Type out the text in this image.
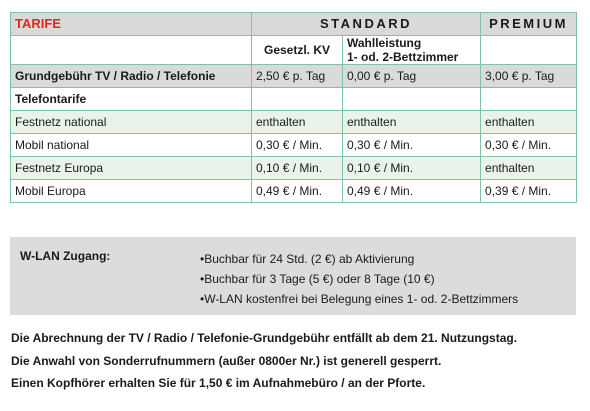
TARIFE	STANDARD		PREMIUM
	Gesetzl. KV	Wahlleistung
1- od. 2-Bettzimmer	

Grundgebühr TV / Radio / Telefonie	2,50 € p. Tag	0,00 € p. Tag	3,00 € p. Tag
Telefontarife			
Festnetz national	enthalten	enthalten	enthalten
Mobil national	0,30 € / Min.	0,30 € / Min.	0,30 € / Min.
Festnetz Europa	0,10 € / Min.	0,10 € / Min.	enthalten
Mobil Europa	0,49 € / Min.	0,49 € / Min.	0,39 € / Min.
W-LAN Zugang:	• Buchbar für 24 Std. (2 €) ab Aktivierung
• Buchbar für 3 Tage (5 €) oder 8 Tage (10 €)
• W-LAN kostenfrei bei Belegung eines 1- od. 2-Bettzimmers
Die Abrechnung der TV / Radio / Telefonie-Grundgebühr entfällt ab dem 21. Nutzungstag.
Die Anwahl von Sonderrufnummern (außer 0800er Nr.) ist generell gesperrt.
Einen Kopfhörer erhalten Sie für 1,50 € im Aufnahmebüro / an der Pforte.
